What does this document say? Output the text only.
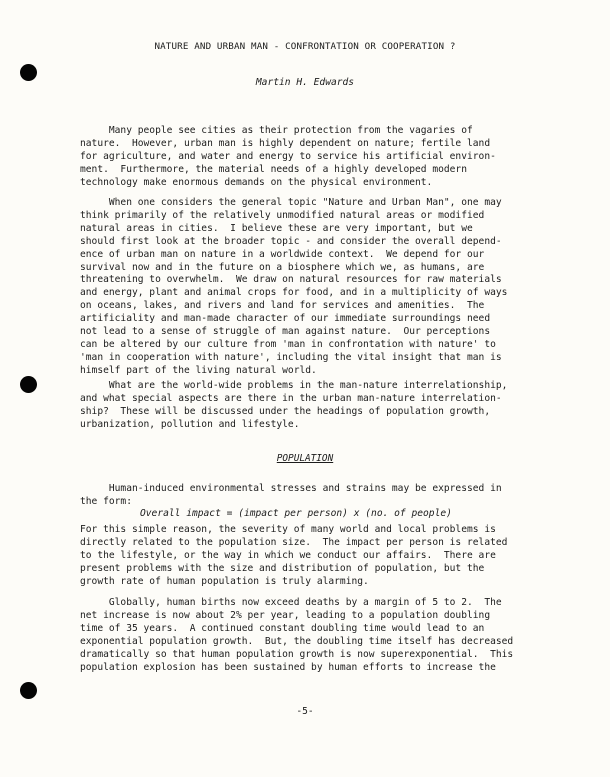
NATURE AND URBAN MAN - CONFRONTATION OR COOPERATION ?
Martin H. Edwards

Many people see cities as their protection from the vagaries of
nature.  However, urban man is highly dependent on nature; fertile land
for agriculture, and water and energy to service his artificial environ-
ment.  Furthermore, the material needs of a highly developed modern
technology make enormous demands on the physical environment.

When one considers the general topic "Nature and Urban Man", one may
think primarily of the relatively unmodified natural areas or modified
natural areas in cities.  I believe these are very important, but we
should first look at the broader topic - and consider the overall depend-
ence of urban man on nature in a worldwide context.  We depend for our
survival now and in the future on a biosphere which we, as humans, are
threatening to overwhelm.  We draw on natural resources for raw materials
and energy, plant and animal crops for food, and in a multiplicity of ways
on oceans, lakes, and rivers and land for services and amenities.  The
artificiality and man-made character of our immediate surroundings need
not lead to a sense of struggle of man against nature.  Our perceptions
can be altered by our culture from 'man in confrontation with nature' to
'man in cooperation with nature', including the vital insight that man is
himself part of the living natural world.

What are the world-wide problems in the man-nature interrelationship,
and what special aspects are there in the urban man-nature interrelation-
ship?  These will be discussed under the headings of population growth,
urbanization, pollution and lifestyle.

POPULATION

Human-induced environmental stresses and strains may be expressed in
the form:

Overall impact = (impact per person) x (no. of people)

For this simple reason, the severity of many world and local problems is
directly related to the population size.  The impact per person is related
to the lifestyle, or the way in which we conduct our affairs.  There are
present problems with the size and distribution of population, but the
growth rate of human population is truly alarming.

Globally, human births now exceed deaths by a margin of 5 to 2.  The
net increase is now about 2% per year, leading to a population doubling
time of 35 years.  A continued constant doubling time would lead to an
exponential population growth.  But, the doubling time itself has decreased
dramatically so that human population growth is now superexponential.  This
population explosion has been sustained by human efforts to increase the

-5-
